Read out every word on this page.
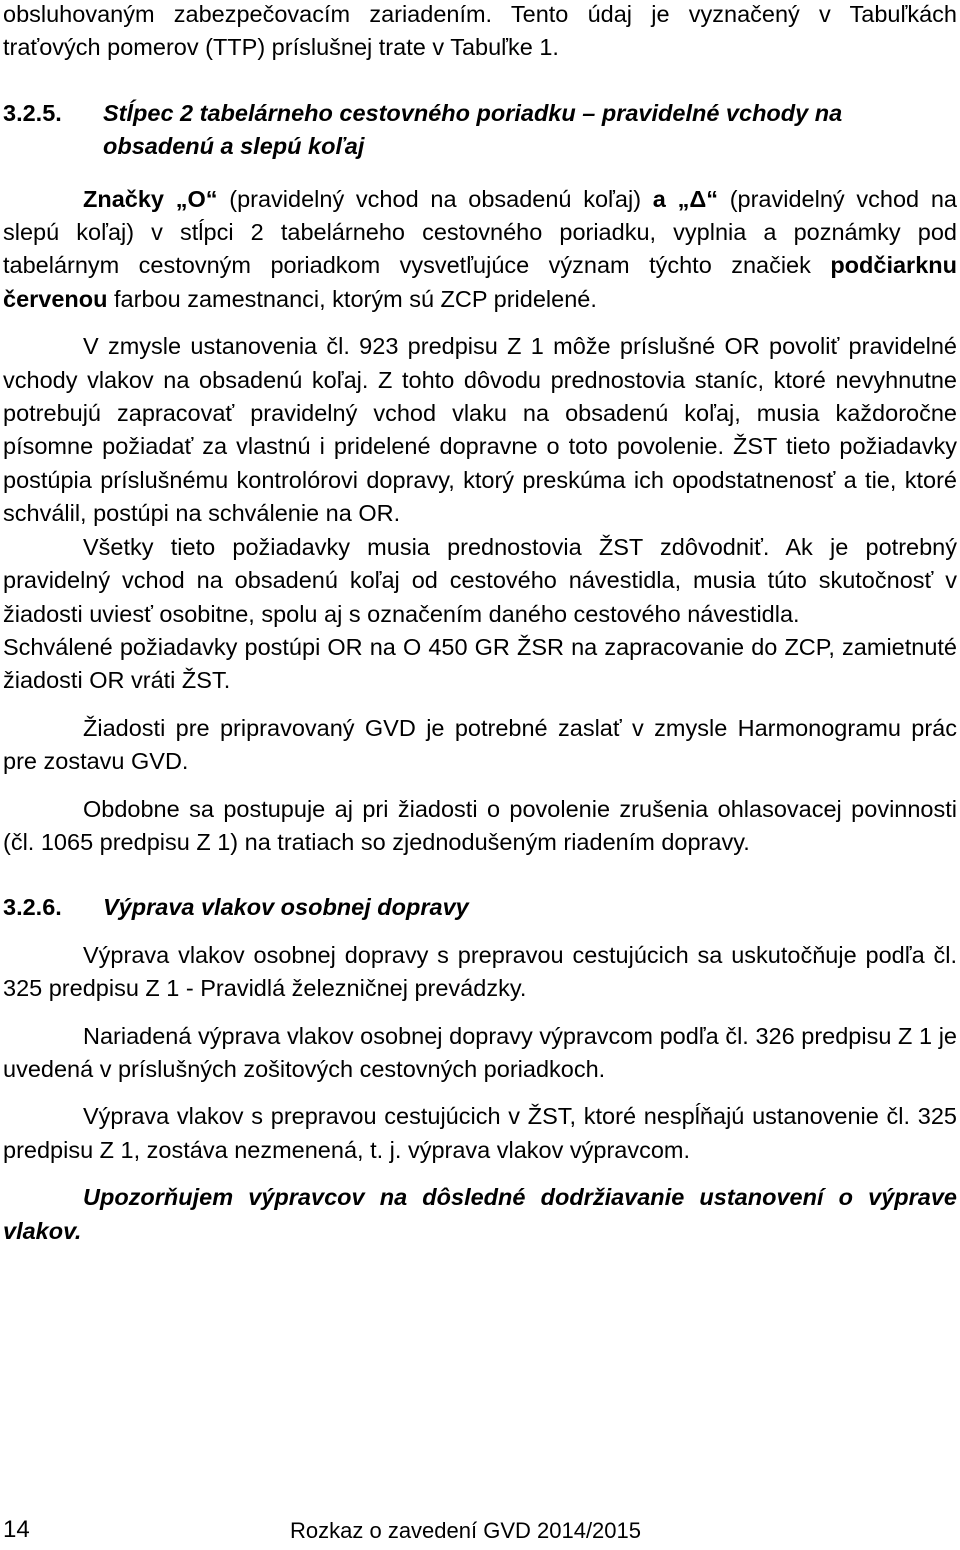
obsluhovaným zabezpečovacím zariadením. Tento údaj je vyznačený v Tabuľkách traťových pomerov (TTP) príslušnej trate v Tabuľke 1.

3.2.5. Stĺpec 2 tabelárneho cestovného poriadku – pravidelné vchody na obsadenú a slepú koľaj

Značky „O“ (pravidelný vchod na obsadenú koľaj) a „Δ“ (pravidelný vchod na slepú koľaj) v stĺpci 2 tabelárneho cestovného poriadku, vyplnia a poznámky pod tabelárnym cestovným poriadkom vysvetľujúce význam týchto značiek podčiarknu červenou farbou zamestnanci, ktorým sú ZCP pridelené.

V zmysle ustanovenia čl. 923 predpisu Z 1 môže príslušné OR povoliť pravidelné vchody vlakov na obsadenú koľaj. Z tohto dôvodu prednostovia staníc, ktoré nevyhnutne potrebujú zapracovať pravidelný vchod vlaku na obsadenú koľaj, musia každoročne písomne požiadať za vlastnú i pridelené dopravne o toto povolenie. ŽST tieto požiadavky postúpia príslušnému kontrolórovi dopravy, ktorý preskúma ich opodstatnenosť a tie, ktoré schválil, postúpi na schválenie na OR.

Všetky tieto požiadavky musia prednostovia ŽST zdôvodniť. Ak je potrebný pravidelný vchod na obsadenú koľaj od cestového návestidla, musia túto skutočnosť v žiadosti uviesť osobitne, spolu aj s označením daného cestového návestidla.

Schválené požiadavky postúpi OR na O 450 GR ŽSR na zapracovanie do ZCP, zamietnuté žiadosti OR vráti ŽST.

Žiadosti pre pripravovaný GVD je potrebné zaslať v zmysle Harmonogramu prác pre zostavu GVD.

Obdobne sa postupuje aj pri žiadosti o povolenie zrušenia ohlasovacej povinnosti (čl. 1065 predpisu Z 1) na tratiach so zjednodušeným riadením dopravy.

3.2.6. Výprava vlakov osobnej dopravy

Výprava vlakov osobnej dopravy s prepravou cestujúcich sa uskutočňuje podľa čl. 325 predpisu Z 1 - Pravidlá železničnej prevádzky.

Nariadená výprava vlakov osobnej dopravy výpravcom podľa čl. 326 predpisu Z 1 je uvedená v príslušných zošitových cestovných poriadkoch.

Výprava vlakov s prepravou cestujúcich v ŽST, ktoré nespĺňajú ustanovenie čl. 325 predpisu Z 1, zostáva nezmenená, t. j. výprava vlakov výpravcom.

Upozorňujem výpravcov na dôsledné dodržiavanie ustanovení o výprave vlakov.

14	Rozkaz o zavedení GVD 2014/2015
